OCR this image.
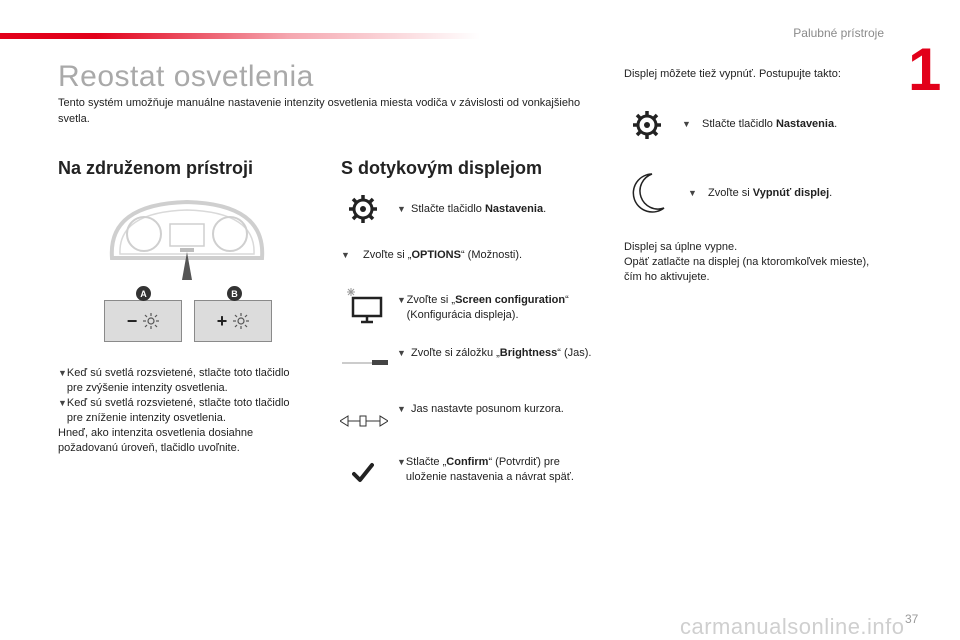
Palubné prístroje
1
Reostat osvetlenia
Tento systém umožňuje manuálne nastavenie intenzity osvetlenia miesta vodiča v závislosti od vonkajšieho svetla.
Na združenom prístroji
−
A
+
B
▼ Keď sú svetlá rozsvietené, stlačte toto tlačidlo pre zvýšenie intenzity osvetlenia.
▼ Keď sú svetlá rozsvietené, stlačte toto tlačidlo pre zníženie intenzity osvetlenia.
Hneď, ako intenzita osvetlenia dosiahne požadovanú úroveň, tlačidlo uvoľnite.
S dotykovým displejom
▼ Stlačte tlačidlo Nastavenia.
▼	Zvoľte si „OPTIONS“ (Možnosti).
▼ Zvoľte si „Screen configuration“ (Konfigurácia displeja).
▼ Zvoľte si záložku „Brightness“ (Jas).
▼ Jas nastavte posunom kurzora.
▼ Stlačte „Confirm“ (Potvrdiť) pre uloženie nastavenia a návrat späť.
Displej môžete tiež vypnúť. Postupujte takto:
▼	Stlačte tlačidlo Nastavenia.
▼	Zvoľte si Vypnúť displej.
Displej sa úplne vypne.
Opäť zatlačte na displej (na ktoromkoľvek mieste), čím ho aktivujete.
carmanualsonline.info 37
